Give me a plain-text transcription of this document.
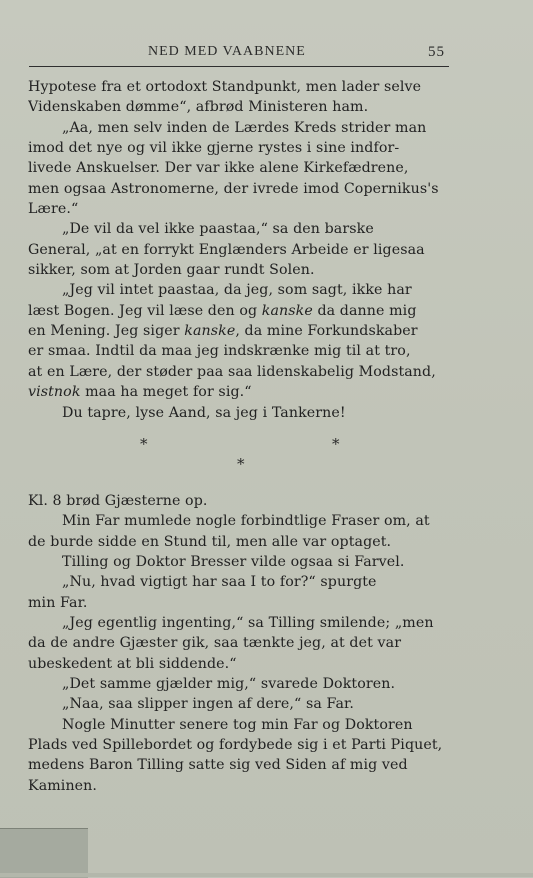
NED MED VAABNENE	55
Hypotese fra et ortodoxt Standpunkt, men lader selve
Videnskaben dømme“, afbrød Ministeren ham.
„Aa, men selv inden de Lærdes Kreds strider man
imod det nye og vil ikke gjerne rystes i sine indfor-
livede Anskuelser. Der var ikke alene Kirkefædrene,
men ogsaa Astronomerne, der ivrede imod Copernikus's
Lære.“
„De vil da vel ikke paastaa,“ sa den barske
General, „at en forrykt Englænders Arbeide er ligesaa
sikker, som at Jorden gaar rundt Solen.
„Jeg vil intet paastaa, da jeg, som sagt, ikke har
læst Bogen. Jeg vil læse den og kanske da danne mig
en Mening. Jeg siger kanske, da mine Forkundskaber
er smaa. Indtil da maa jeg indskrænke mig til at tro,
at en Lære, der støder paa saa lidenskabelig Modstand,
vistnok maa ha meget for sig.“
Du tapre, lyse Aand, sa jeg i Tankerne!
*	*
*
Kl. 8 brød Gjæsterne op.
Min Far mumlede nogle forbindtlige Fraser om, at
de burde sidde en Stund til, men alle var optaget.
Tilling og Doktor Bresser vilde ogsaa si Farvel.
„Nu, hvad vigtigt har saa I to for?“ spurgte
min Far.
„Jeg egentlig ingenting,“ sa Tilling smilende; „men
da de andre Gjæster gik, saa tænkte jeg, at det var
ubeskedent at bli siddende.“
„Det samme gjælder mig,“ svarede Doktoren.
„Naa, saa slipper ingen af dere,“ sa Far.
Nogle Minutter senere tog min Far og Doktoren
Plads ved Spillebordet og fordybede sig i et Parti Piquet,
medens Baron Tilling satte sig ved Siden af mig ved
Kaminen.
